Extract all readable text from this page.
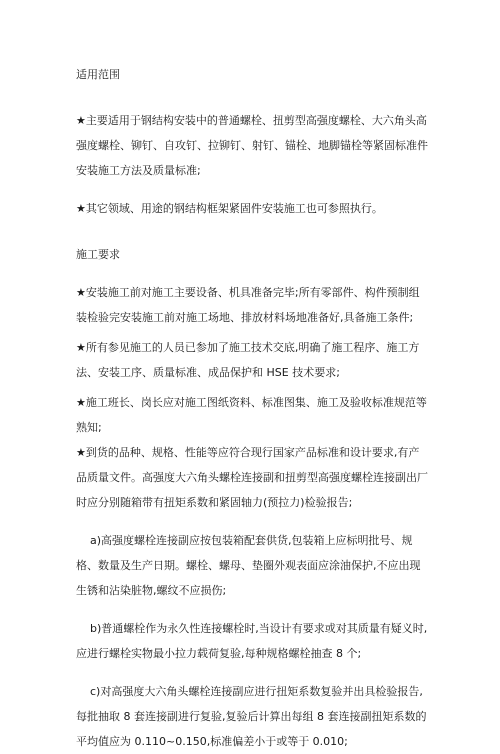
适用范围

★主要适用于钢结构安装中的普通螺栓、扭剪型高强度螺栓、大六角头高强度螺栓、铆钉、自攻钉、拉铆钉、射钉、锚栓、地脚锚栓等紧固标准件安装施工方法及质量标准;

★其它领域、用途的钢结构框架紧固件安装施工也可参照执行。

施工要求

★安装施工前对施工主要设备、机具准备完毕;所有零部件、构件预制组装检验完安装施工前对施工场地、排放材料场地准备好,具备施工条件;

★所有参见施工的人员已参加了施工技术交底,明确了施工程序、施工方法、安装工序、质量标准、成品保护和 HSE 技术要求;

★施工班长、岗长应对施工图纸资料、标准图集、施工及验收标准规范等熟知;

★到货的品种、规格、性能等应符合现行国家产品标准和设计要求,有产品质量文件。高强度大六角头螺栓连接副和扭剪型高强度螺栓连接副出厂时应分别随箱带有扭矩系数和紧固轴力(预拉力)检验报告;

a)高强度螺栓连接副应按包装箱配套供货,包装箱上应标明批号、规格、数量及生产日期。螺栓、螺母、垫圈外观表面应涂油保护,不应出现生锈和沾染脏物,螺纹不应损伤;

b)普通螺栓作为永久性连接螺栓时,当设计有要求或对其质量有疑义时,应进行螺栓实物最小拉力载荷复验,每种规格螺栓抽查 8 个;

c)对高强度大六角头螺栓连接副应进行扭矩系数复验并出具检验报告,每批抽取 8 套连接副进行复验,复验后计算出每组 8 套连接副扭矩系数的平均值应为 0.110~0.150,标准偏差小于或等于 0.010;
